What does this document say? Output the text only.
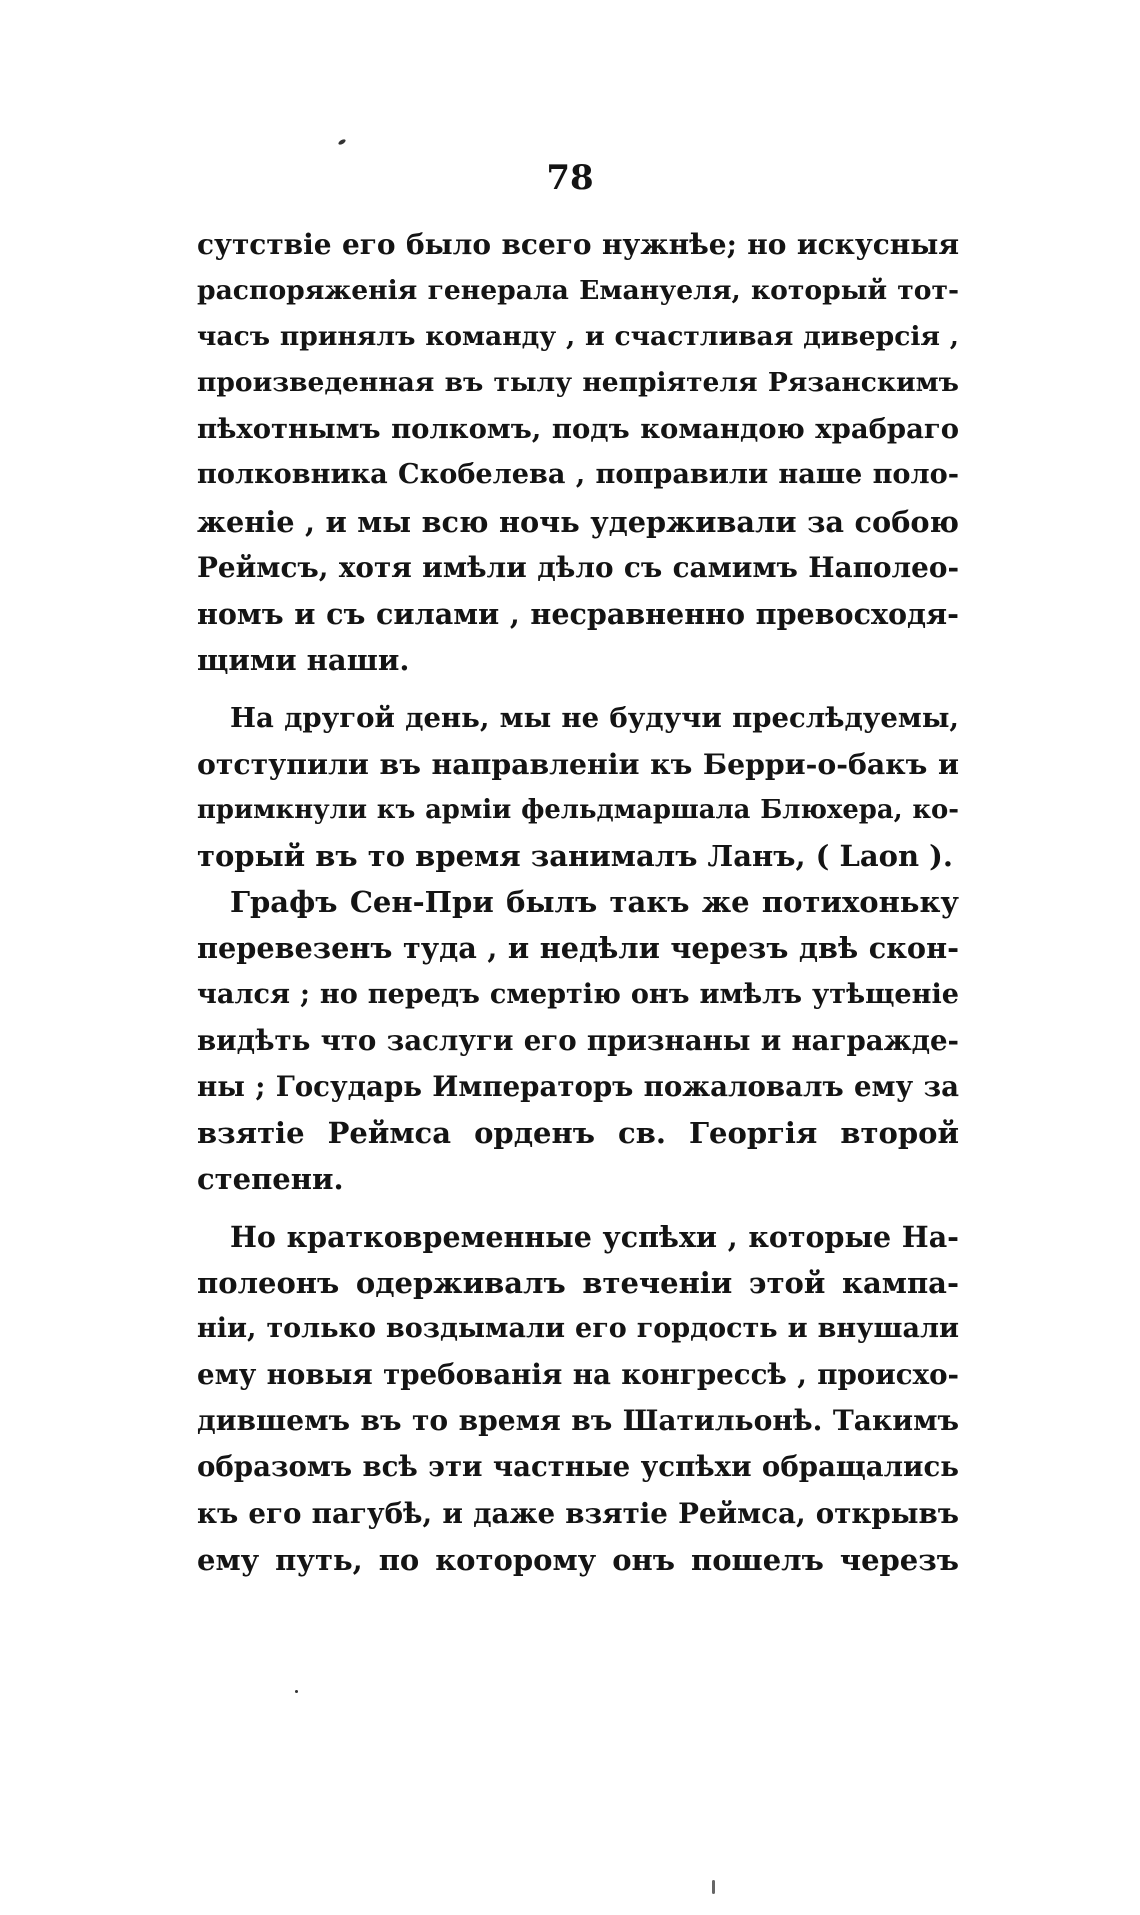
78
сутствіе его было всего нужнѣе; но искусныя
распоряженія генерала Емануеля, который тот-
часъ принялъ команду , и счастливая диверсія ,
произведенная въ тылу непріятеля Рязанскимъ
пѣхотнымъ полкомъ, подъ командою храбраго
полковника Скобелева , поправили наше поло-
женіе , и мы всю ночь удерживали за собою
Реймсъ, хотя имѣли дѣло съ самимъ Наполео-
номъ и съ силами , несравненно превосходя-
щими наши.
На другой день, мы не будучи преслѣдуемы,
отступили въ направленіи къ Берри-о-бакъ и
примкнули къ арміи фельдмаршала Блюхера, ко-
торый въ то время занималъ Ланъ, ( Laon ).
Графъ Сен-При былъ такъ же потихоньку
перевезенъ туда , и недѣли черезъ двѣ скон-
чался ; но передъ смертію онъ имѣлъ утѣщеніе
видѣть что заслуги его признаны и награжде-
ны ; Государь Императоръ пожаловалъ ему за
взятіе Реймса орденъ св. Георгія второй
степени.
Но кратковременные успѣхи , которые На-
полеонъ одерживалъ втеченіи этой кампа-
ніи, только воздымали его гордость и внушали
ему новыя требованія на конгрессѣ , происхо-
дившемъ въ то время въ Шатильонѣ. Такимъ
образомъ всѣ эти частные успѣхи обращались
къ его пагубѣ, и даже взятіе Реймса, открывъ
ему путь, по которому онъ пошелъ черезъ
